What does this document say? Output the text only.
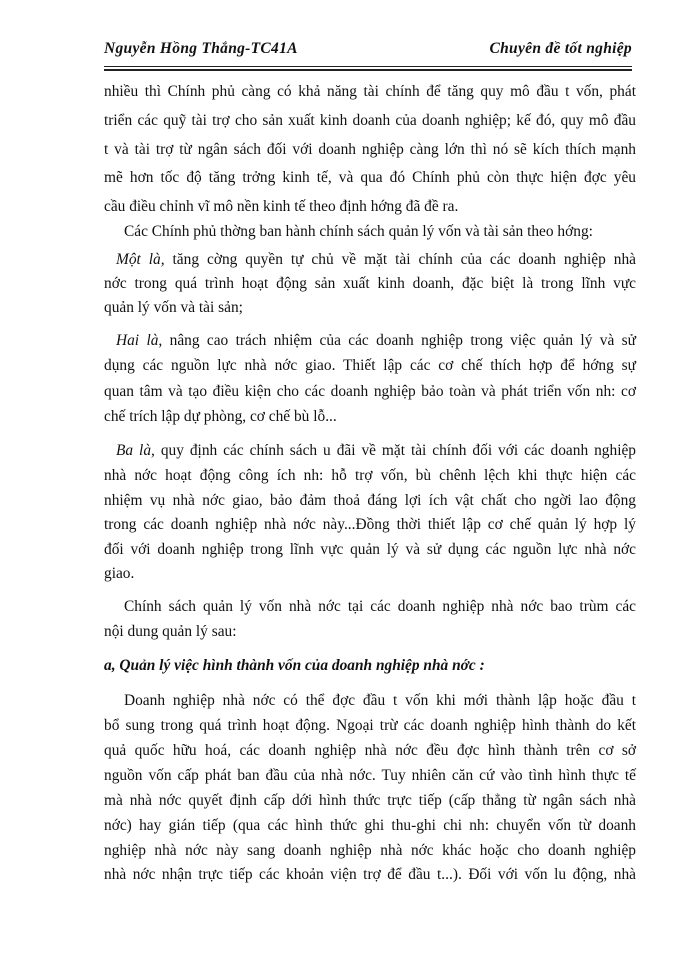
Nguyễn Hồng Thắng-TC41A	Chuyên đề tốt nghiệp
nhiều thì Chính phủ càng có khả năng tài chính để tăng quy mô đầu t vốn, phát
triển các quỹ tài trợ cho sản xuất kinh doanh của doanh nghiệp; kế đó, quy mô đầu
t và tài trợ từ ngân sách đối với doanh nghiệp càng lớn thì nó sẽ kích thích mạnh
mẽ hơn tốc độ tăng trởng kinh tế, và qua đó Chính phủ còn thực hiện đợc yêu
cầu điều chỉnh vĩ mô nền kinh tế theo định hớng đã đề ra.
Các Chính phủ thờng ban hành chính sách quản lý vốn và tài sản theo hớng:
Một là, tăng cờng quyền tự chủ về mặt tài chính của các doanh nghiệp nhà
nớc trong quá trình hoạt động sản xuất kinh doanh, đặc biệt là trong lĩnh vực
quản lý vốn và tài sản;
Hai là, nâng cao trách nhiệm của các doanh nghiệp trong việc quản lý và sử
dụng các nguồn lực nhà nớc giao. Thiết lập các cơ chế thích hợp để hớng sự
quan tâm và tạo điều kiện cho các doanh nghiệp bảo toàn và phát triển vốn nh: cơ
chế trích lập dự phòng, cơ chế bù lỗ...
Ba là, quy định các chính sách u đãi về mặt tài chính đối với các doanh nghiệp
nhà nớc hoạt động công ích nh: hỗ trợ vốn, bù chênh lệch khi thực hiện các
nhiệm vụ nhà nớc giao, bảo đảm thoả đáng lợi ích vật chất cho ngời lao động
trong các doanh nghiệp nhà nớc này...Đồng thời thiết lập cơ chế quản lý hợp lý
đối với doanh nghiệp trong lĩnh vực quản lý và sử dụng các nguồn lực nhà nớc
giao.
Chính sách quản lý vốn nhà nớc tại các doanh nghiệp nhà nớc bao trùm các
nội dung quản lý sau:
a, Quản lý việc hình thành vốn của doanh nghiệp nhà nớc :
Doanh nghiệp nhà nớc có thể đợc đầu t vốn khi mới thành lập hoặc đầu t
bổ sung trong quá trình hoạt động. Ngoại trừ các doanh nghiệp hình thành do kết
quả quốc hữu hoá, các doanh nghiệp nhà nớc đều đợc hình thành trên cơ sở
nguồn vốn cấp phát ban đầu của nhà nớc. Tuy nhiên căn cứ vào tình hình thực tế
mà nhà nớc quyết định cấp dới hình thức trực tiếp (cấp thẳng từ ngân sách nhà
nớc) hay gián tiếp (qua các hình thức ghi thu-ghi chi nh: chuyển vốn từ doanh
nghiệp nhà nớc này sang doanh nghiệp nhà nớc khác hoặc cho doanh nghiệp
nhà nớc nhận trực tiếp các khoản viện trợ để đầu t...). Đối với vốn lu động, nhà
